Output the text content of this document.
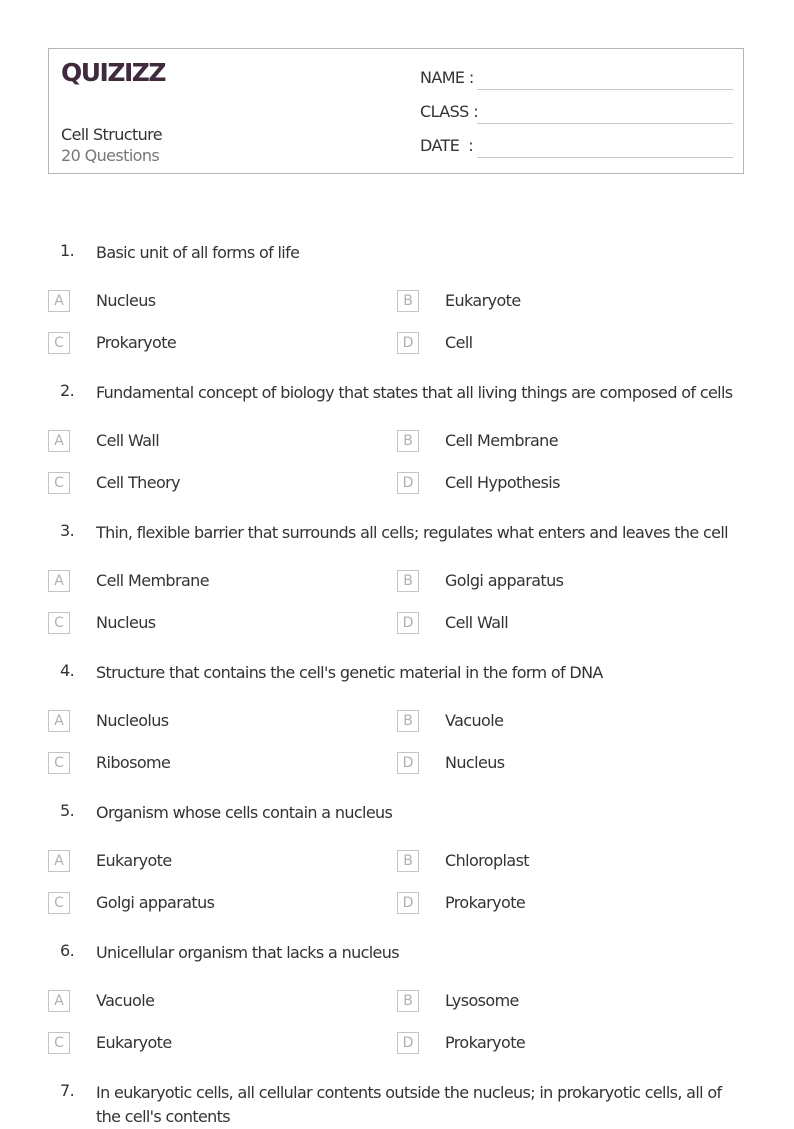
QUIZIZZ
Cell Structure
20 Questions
NAME :
CLASS :
DATE  :
1. Basic unit of all forms of life
A	Nucleus	B	Eukaryote
C	Prokaryote	D	Cell
2. Fundamental concept of biology that states that all living things are composed of cells
A	Cell Wall	B	Cell Membrane
C	Cell Theory	D	Cell Hypothesis
3. Thin, flexible barrier that surrounds all cells; regulates what enters and leaves the cell
A	Cell Membrane	B	Golgi apparatus
C	Nucleus	D	Cell Wall
4. Structure that contains the cell's genetic material in the form of DNA
A	Nucleolus	B	Vacuole
C	Ribosome	D	Nucleus
5. Organism whose cells contain a nucleus
A	Eukaryote	B	Chloroplast
C	Golgi apparatus	D	Prokaryote
6. Unicellular organism that lacks a nucleus
A	Vacuole	B	Lysosome
C	Eukaryote	D	Prokaryote
7. In eukaryotic cells, all cellular contents outside the nucleus; in prokaryotic cells, all of the cell's contents
